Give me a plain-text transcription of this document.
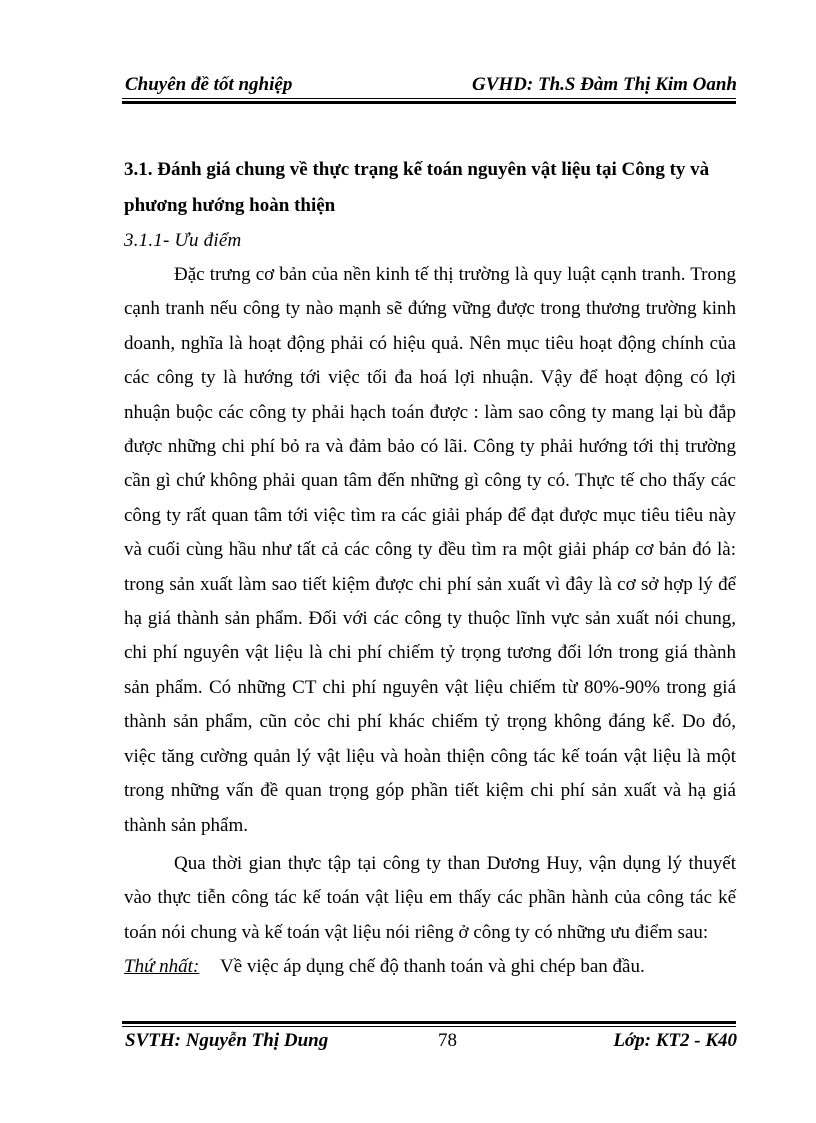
Chuyên đề tốt nghiệp	GVHD: Th.S Đàm Thị Kim Oanh

3.1. Đánh giá chung về thực trạng kế toán nguyên vật liệu tại Công ty và phương hướng hoàn thiện

3.1.1- Ưu điểm

Đặc trưng cơ bản của nền kinh tế thị trường là quy luật cạnh tranh. Trong cạnh tranh nếu công ty nào mạnh sẽ đứng vững được trong thương trường kinh doanh, nghĩa là hoạt động phải có hiệu quả. Nên mục tiêu hoạt động chính của các công ty là hướng tới việc tối đa hoá lợi nhuận. Vậy để hoạt động có lợi nhuận buộc các công ty phải hạch toán được : làm sao công ty mang lại bù đắp được những chi phí bỏ ra và đảm bảo có lãi. Công ty phải hướng tới thị trường cần gì chứ không phải quan tâm đến những gì công ty có. Thực tế cho thấy các công ty rất quan tâm tới việc tìm ra các giải pháp để đạt được mục tiêu tiêu này và cuối cùng hầu như tất cả các công ty đều tìm ra một giải pháp cơ bản đó là: trong sản xuất làm sao tiết kiệm được chi phí sản xuất vì đây là cơ sở hợp lý để hạ giá thành sản phẩm. Đối với các công ty thuộc lĩnh vực sản xuất nói chung, chi phí nguyên vật liệu là chi phí chiếm tỷ trọng tương đối lớn trong giá thành sản phẩm. Có những CT chi phí nguyên vật liệu chiếm từ 80%-90% trong giá thành sản phẩm, cũn cỏc chi phí khác chiếm tỷ trọng không đáng kể. Do đó, việc tăng cường quản lý vật liệu và hoàn thiện công tác kế toán vật liệu là một trong những vấn đề quan trọng góp phần tiết kiệm chi phí sản xuất và hạ giá thành sản phẩm.

Qua thời gian thực tập tại công ty than Dương Huy, vận dụng lý thuyết vào thực tiễn công tác kế toán vật liệu em thấy các phần hành của công tác kế toán nói chung và kế toán vật liệu nói riêng ở công ty có những ưu điểm sau:

Thứ nhất: Về việc áp dụng chế độ thanh toán và ghi chép ban đầu.

SVTH: Nguyễn Thị Dung	78	Lớp: KT2 - K40
